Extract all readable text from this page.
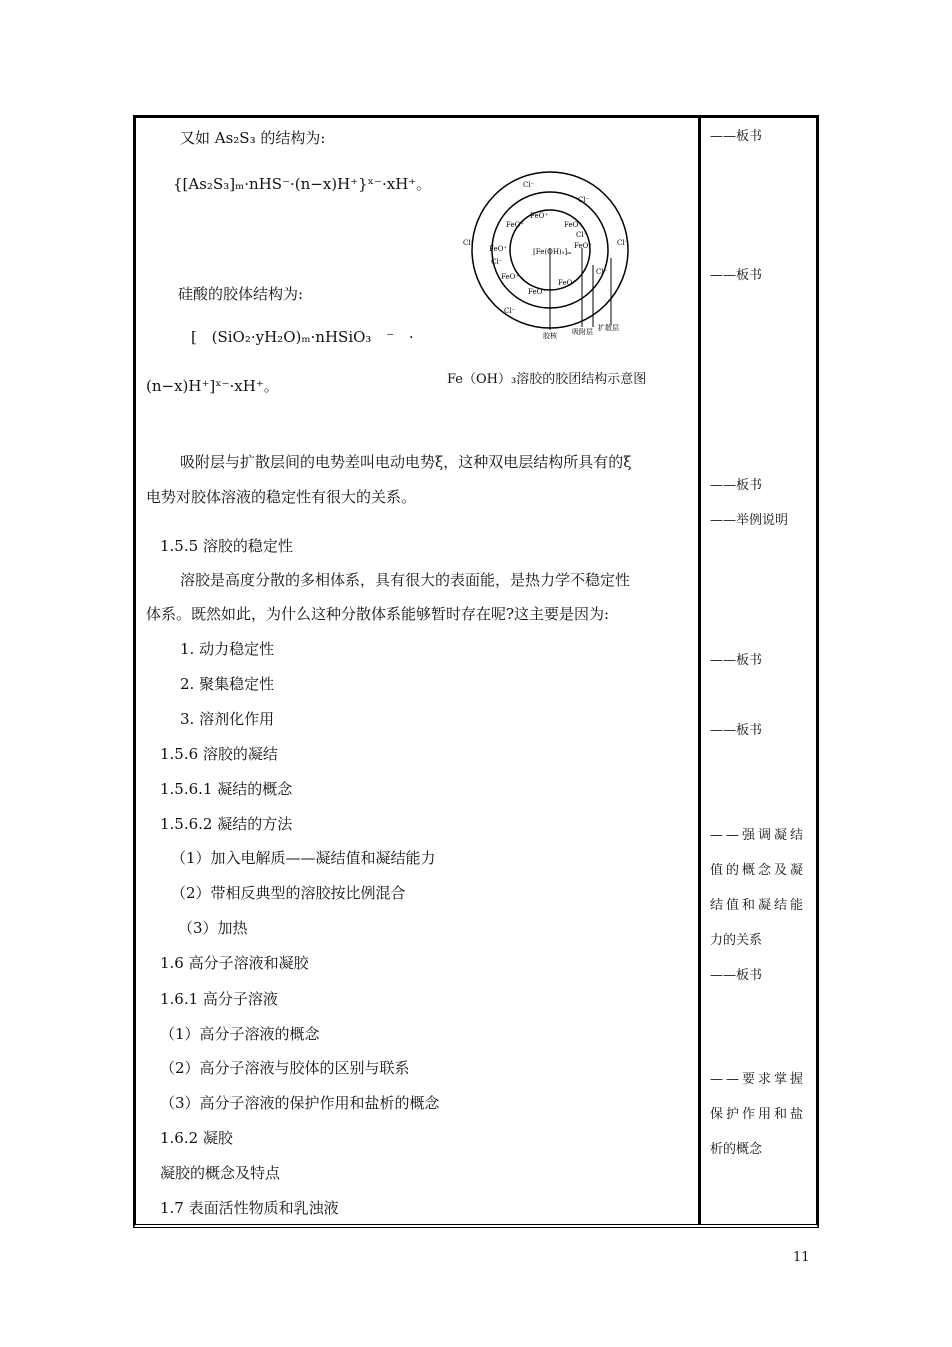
又如 As₂S₃ 的结构为:
{[As₂S₃]ₘ·nHS⁻·(n−x)H⁺}ˣ⁻·xH⁺。
硅酸的胶体结构为:
[ (SiO₂·yH₂O)ₘ·nHSiO₃ ⁻ ·
(n−x)H⁺]ˣ⁻·xH⁺。
吸附层与扩散层间的电势差叫电动电势ξ，这种双电层结构所具有的ξ
电势对胶体溶液的稳定性有很大的关系。
1.5.5 溶胶的稳定性
溶胶是高度分散的多相体系，具有很大的表面能，是热力学不稳定性
体系。既然如此，为什么这种分散体系能够暂时存在呢?这主要是因为:
1. 动力稳定性
2. 聚集稳定性
3. 溶剂化作用
1.5.6 溶胶的凝结
1.5.6.1 凝结的概念
1.5.6.2 凝结的方法
（1）加入电解质——凝结值和凝结能力
（2）带相反典型的溶胶按比例混合
（3）加热
1.6 高分子溶液和凝胶
1.6.1 高分子溶液
（1）高分子溶液的概念
（2）高分子溶液与胶体的区别与联系
（3）高分子溶液的保护作用和盐析的概念
1.6.2 凝胶
凝胶的概念及特点
1.7 表面活性物质和乳浊液
[Fe(OH)₃]ₘ
FeO⁺
FeO⁺	FeO⁺
FeO⁺	FeO⁺
FeO⁺
FeO⁺
FeO⁺
Cl⁻
Cl⁻
Cl⁻
Cl⁻
Cl⁻	Cl⁻
Cl⁻
Cl⁻
胶核 吸附层 扩散层
Fe（OH）₃溶胶的胶团结构示意图
——板书
——板书
——板书
——举例说明
——板书
——板书
——强调凝结
值的概念及凝
结值和凝结能
力的关系
——板书
——要求掌握
保护作用和盐
析的概念
11
